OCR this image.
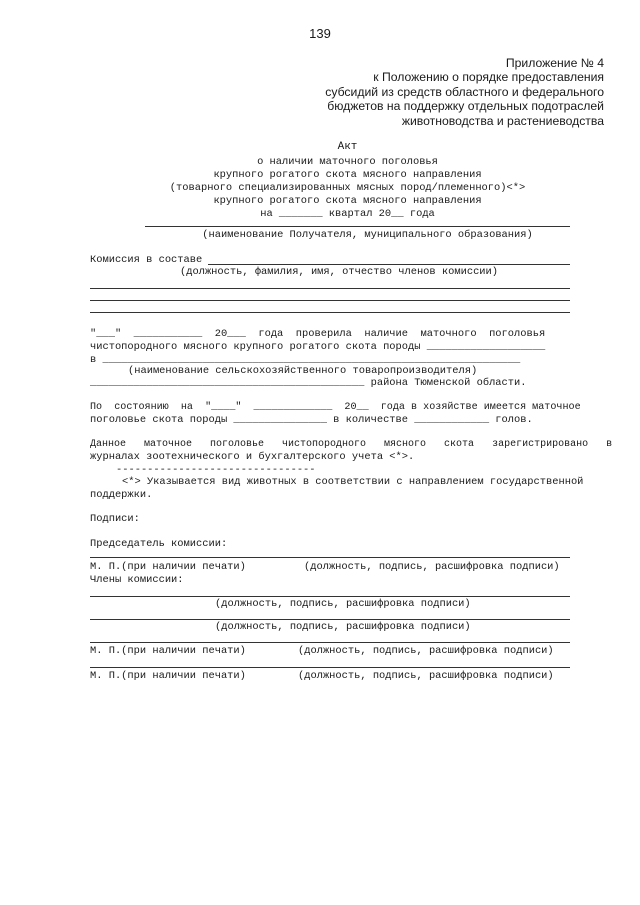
139
Приложение № 4
к Положению о порядке предоставления
субсидий из средств областного и федерального
бюджетов на поддержку отдельных подотраслей
животноводства и растениеводства
Акт
о наличии маточного поголовья
крупного рогатого скота мясного направления
(товарного специализированных мясных пород/племенного)<*>
крупного рогатого скота мясного направления
на _______ квартал 20__ года
(наименование Получателя, муниципального образования)
Комиссия в составе
(должность, фамилия, имя, отчество членов комиссии)
"___"  ___________  20___  года  проверила  наличие  маточного  поголовья
чистопородного мясного крупного рогатого скота породы ___________________
в ___________________________________________________________________
(наименование сельскохозяйственного товаропроизводителя)
____________________________________________ района Тюменской области.
По  состоянию  на  "____"  _____________  20__  года в хозяйстве имеется маточное
поголовье скота породы _______________ в количестве ____________ голов.
Данное   маточное   поголовье   чистопородного   мясного   скота   зарегистрировано   в
журналах зоотехнического и бухгалтерского учета <*>.
--------------------------------
<*> Указывается вид животных в соответствии с направлением государственной
поддержки.
Подписи:
Председатель комиссии:
М. П.(при наличии печати)	(должность, подпись, расшифровка подписи)
Члены комиссии:
(должность, подпись, расшифровка подписи)
(должность, подпись, расшифровка подписи)
М. П.(при наличии печати)	(должность, подпись, расшифровка подписи)
М. П.(при наличии печати)	(должность, подпись, расшифровка подписи)
